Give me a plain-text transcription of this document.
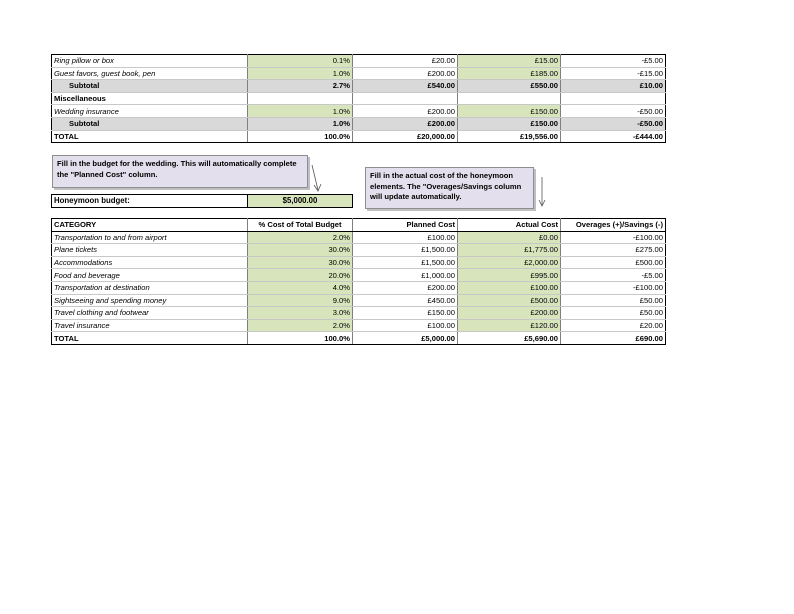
Ring pillow or box	0.1%	£20.00	£15.00	-£5.00
Guest favors, guest book, pen	1.0%	£200.00	£185.00	-£15.00
Subtotal	2.7%	£540.00	£550.00	£10.00
Miscellaneous				
Wedding insurance	1.0%	£200.00	£150.00	-£50.00
Subtotal	1.0%	£200.00	£150.00	-£50.00
TOTAL	100.0%	£20,000.00	£19,556.00	-£444.00
Fill in the budget for the wedding. This will automatically complete the "Planned Cost" column.	Fill in the actual cost of the honeymoon elements. The "Overages/Savings column will update automatically.
Honeymoon budget:	$5,000.00
CATEGORY	% Cost of Total Budget	Planned Cost	Actual Cost	Overages (+)/Savings (-)
Transportation to and from airport	2.0%	£100.00	£0.00	-£100.00
Plane tickets	30.0%	£1,500.00	£1,775.00	£275.00
Accommodations	30.0%	£1,500.00	£2,000.00	£500.00
Food and beverage	20.0%	£1,000.00	£995.00	-£5.00
Transportation at destination	4.0%	£200.00	£100.00	-£100.00
Sightseeing and spending money	9.0%	£450.00	£500.00	£50.00
Travel clothing and footwear	3.0%	£150.00	£200.00	£50.00
Travel insurance	2.0%	£100.00	£120.00	£20.00
TOTAL	100.0%	£5,000.00	£5,690.00	£690.00
